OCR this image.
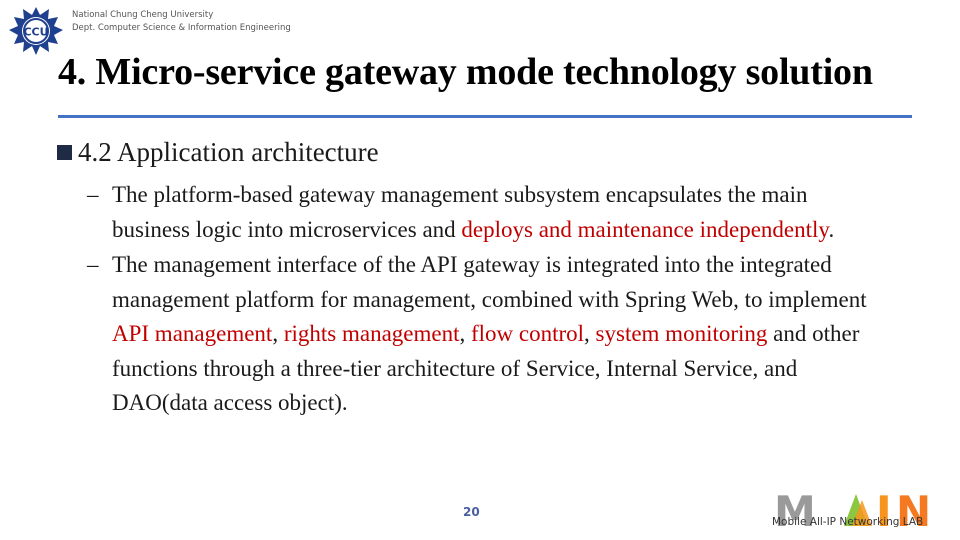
CCU
National Chung Cheng University
Dept. Computer Science & Information Engineering
4. Micro-service gateway mode technology solution
4.2 Application architecture
– The platform-based gateway management subsystem encapsulates the main business logic into microservices and deploys and maintenance independently.
– The management interface of the API gateway is integrated into the integrated management platform for management, combined with Spring Web, to implement API management, rights management, flow control, system monitoring and other functions through a three-tier architecture of Service, Internal Service, and DAO(data access object).
20	M I N
Mobile All-IP Networking LAB
